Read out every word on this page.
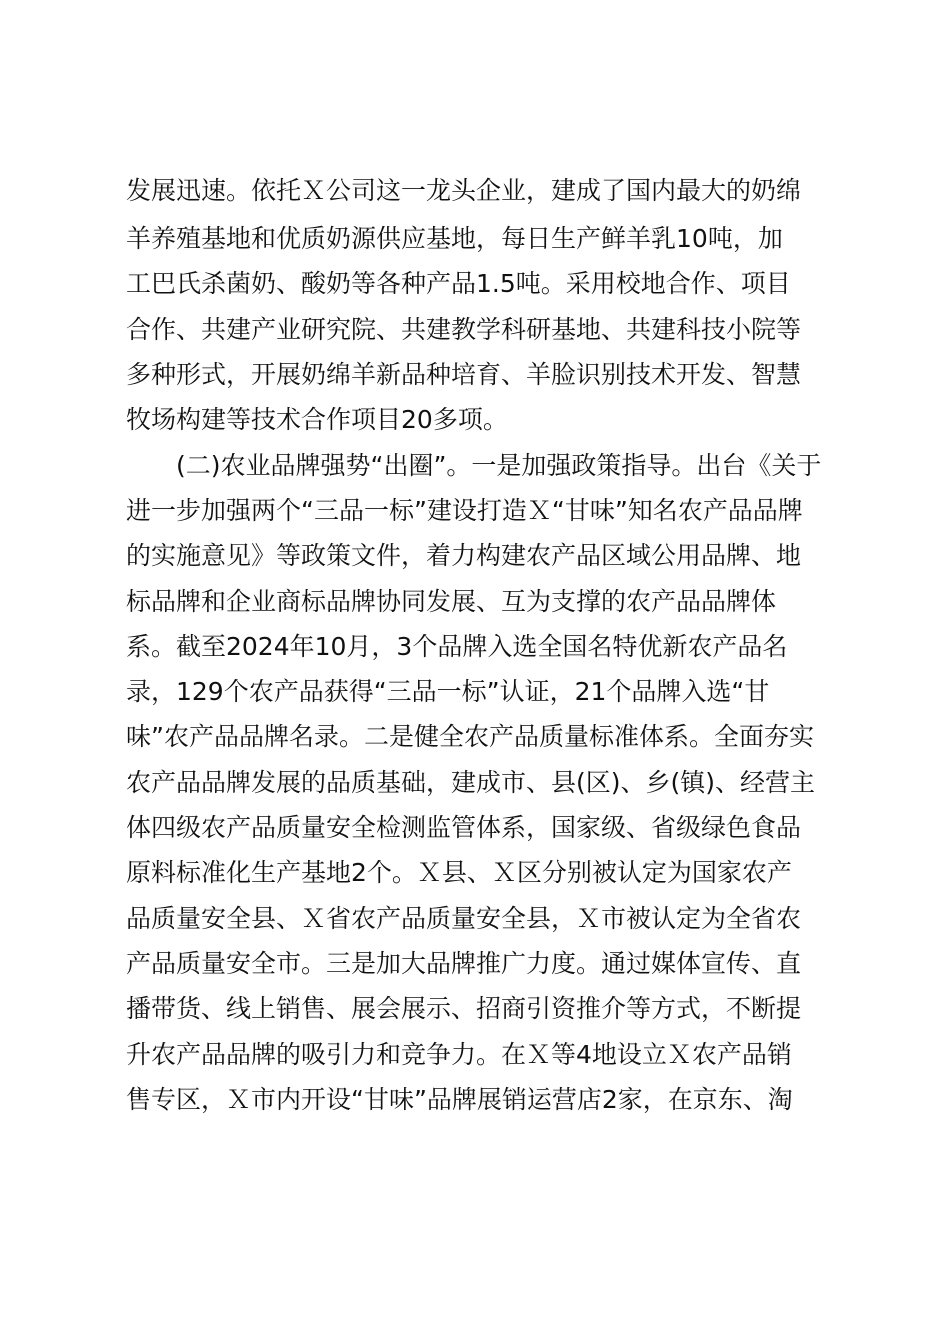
发展迅速。依托Ｘ公司这一龙头企业，建成了国内最大的奶绵
羊养殖基地和优质奶源供应基地，每日生产鲜羊乳10吨，加
工巴氏杀菌奶、酸奶等各种产品1.5吨。采用校地合作、项目
合作、共建产业研究院、共建教学科研基地、共建科技小院等
多种形式，开展奶绵羊新品种培育、羊脸识别技术开发、智慧
牧场构建等技术合作项目20多项。
(二)农业品牌强势“出圈”。一是加强政策指导。出台《关于
进一步加强两个“三品一标”建设打造Ｘ“甘味”知名农产品品牌
的实施意见》等政策文件，着力构建农产品区域公用品牌、地
标品牌和企业商标品牌协同发展、互为支撑的农产品品牌体
系。截至2024年10月，3个品牌入选全国名特优新农产品名
录，129个农产品获得“三品一标”认证，21个品牌入选“甘
味”农产品品牌名录。二是健全农产品质量标准体系。全面夯实
农产品品牌发展的品质基础，建成市、县(区)、乡(镇)、经营主
体四级农产品质量安全检测监管体系，国家级、省级绿色食品
原料标准化生产基地2个。Ｘ县、Ｘ区分别被认定为国家农产
品质量安全县、Ｘ省农产品质量安全县，Ｘ市被认定为全省农
产品质量安全市。三是加大品牌推广力度。通过媒体宣传、直
播带货、线上销售、展会展示、招商引资推介等方式，不断提
升农产品品牌的吸引力和竞争力。在Ｘ等4地设立Ｘ农产品销
售专区，Ｘ市内开设“甘味”品牌展销运营店2家，在京东、淘
